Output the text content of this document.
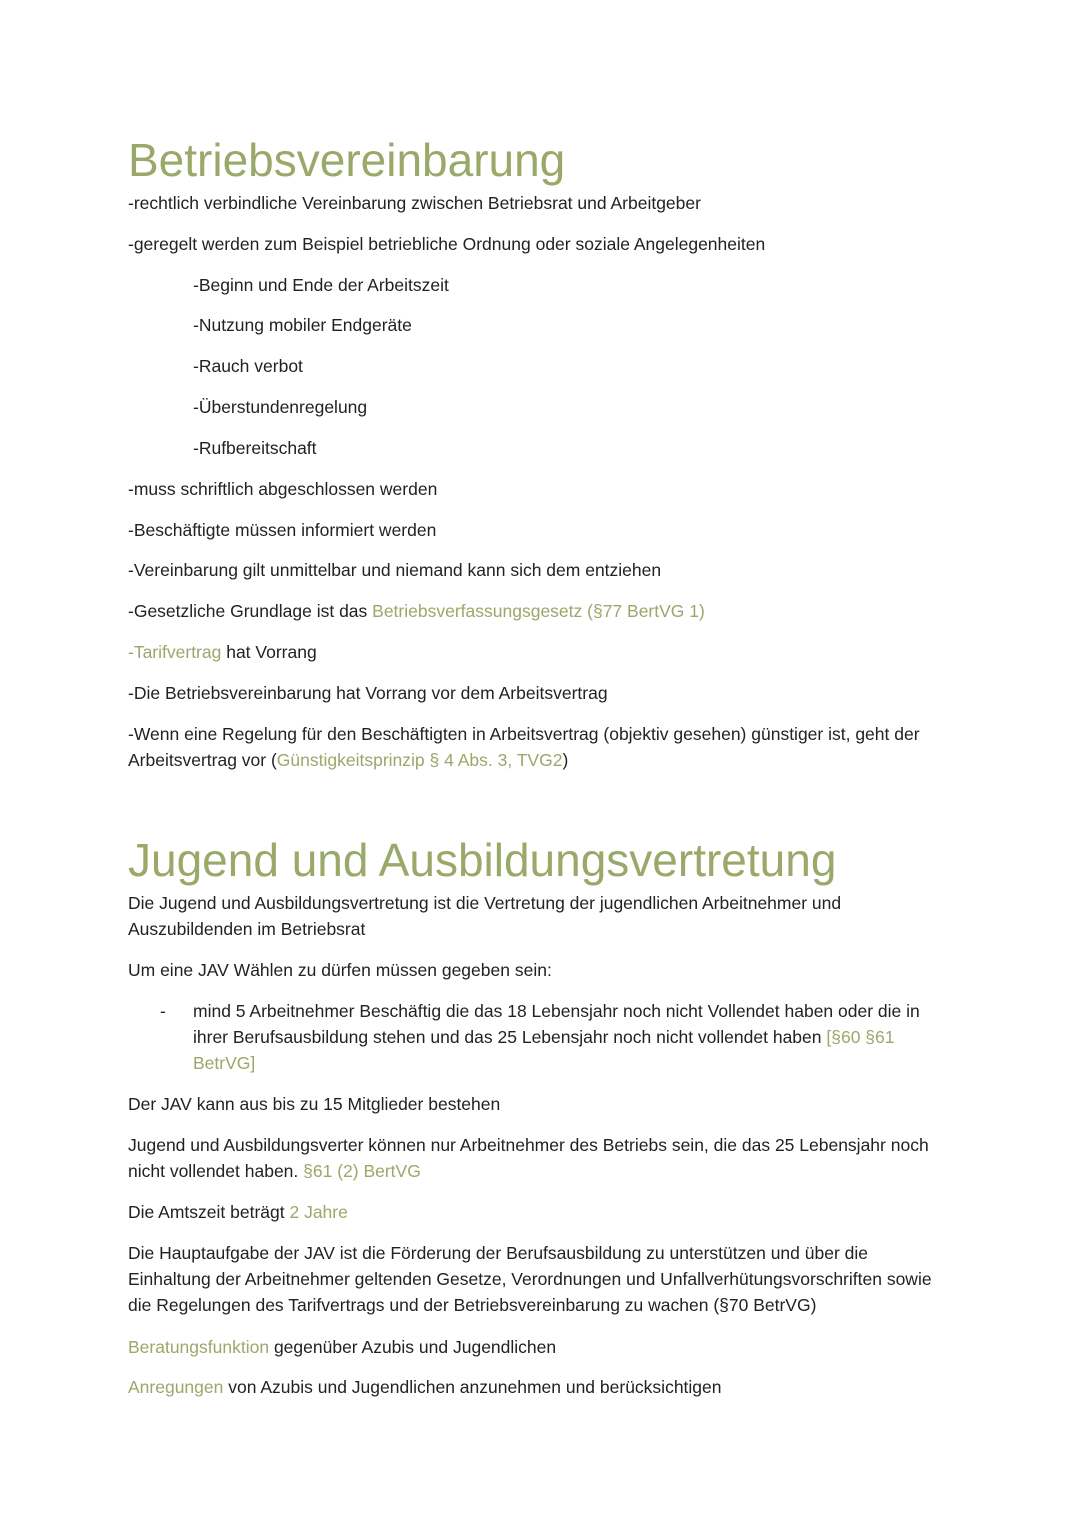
Betriebsvereinbarung

-rechtlich verbindliche Vereinbarung zwischen Betriebsrat und Arbeitgeber

-geregelt werden zum Beispiel betriebliche Ordnung oder soziale Angelegenheiten

-Beginn und Ende der Arbeitszeit

-Nutzung mobiler Endgeräte

-Rauch verbot

-Überstundenregelung

-Rufbereitschaft

-muss schriftlich abgeschlossen werden

-Beschäftigte müssen informiert werden

-Vereinbarung gilt unmittelbar und niemand kann sich dem entziehen

-Gesetzliche Grundlage ist das Betriebsverfassungsgesetz (§77 BertVG 1)

-Tarifvertrag hat Vorrang

-Die Betriebsvereinbarung hat Vorrang vor dem Arbeitsvertrag

-Wenn eine Regelung für den Beschäftigten in Arbeitsvertrag (objektiv gesehen) günstiger ist, geht der Arbeitsvertrag vor (Günstigkeitsprinzip § 4 Abs. 3, TVG2)

Jugend und Ausbildungsvertretung

Die Jugend und Ausbildungsvertretung ist die Vertretung der jugendlichen Arbeitnehmer und Auszubildenden im Betriebsrat

Um eine JAV Wählen zu dürfen müssen gegeben sein:

- mind 5 Arbeitnehmer Beschäftig die das 18 Lebensjahr noch nicht Vollendet haben oder die in ihrer Berufsausbildung stehen und das 25 Lebensjahr noch nicht vollendet haben [§60 §61 BetrVG]

Der JAV kann aus bis zu 15 Mitglieder bestehen

Jugend und Ausbildungsverter können nur Arbeitnehmer des Betriebs sein, die das 25 Lebensjahr noch nicht vollendet haben. §61 (2) BertVG

Die Amtszeit beträgt 2 Jahre

Die Hauptaufgabe der JAV ist die Förderung der Berufsausbildung zu unterstützen und über die Einhaltung der Arbeitnehmer geltenden Gesetze, Verordnungen und Unfallverhütungsvorschriften sowie die Regelungen des Tarifvertrags und der Betriebsvereinbarung zu wachen (§70 BetrVG)

Beratungsfunktion gegenüber Azubis und Jugendlichen

Anregungen von Azubis und Jugendlichen anzunehmen und berücksichtigen
